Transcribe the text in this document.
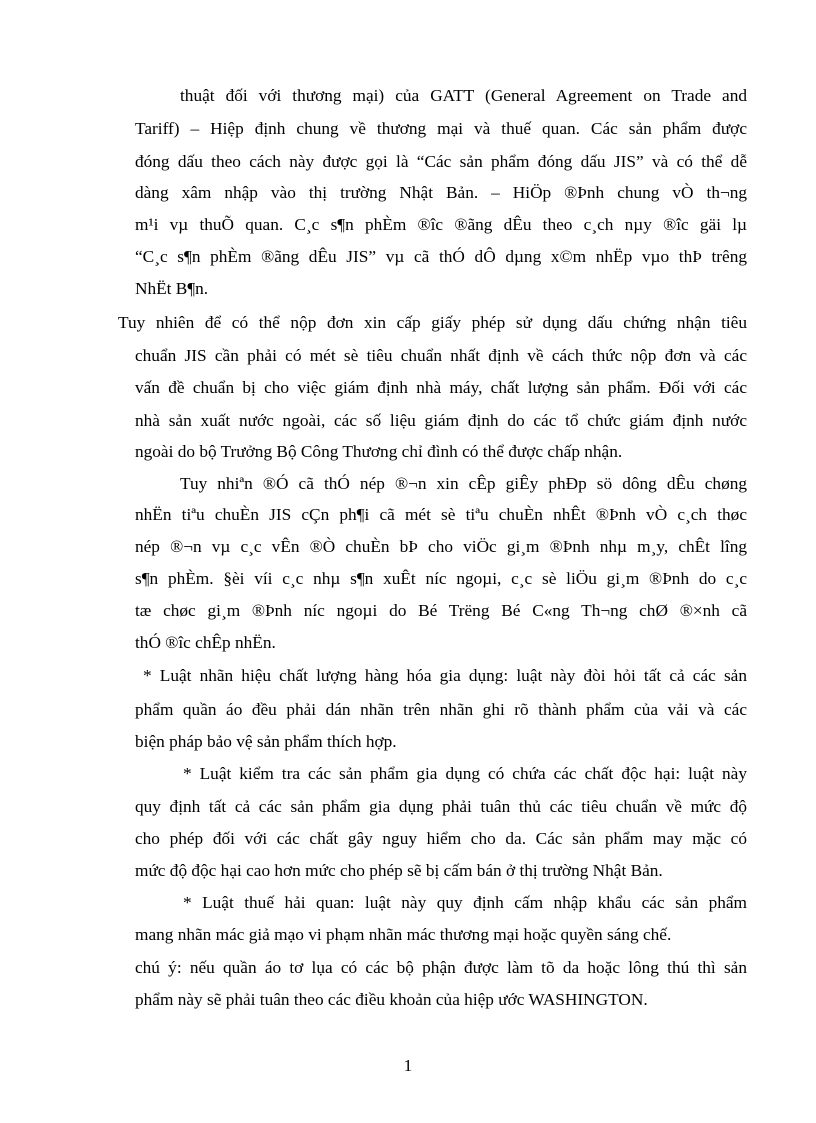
thuật đối với thương mại) của GATT (General Agreement on Trade and
Tariff) – Hiệp định chung về thương mại và thuế quan. Các sản phẩm được
đóng dấu theo cách này được gọi là “Các sản phẩm đóng dấu JIS” và có thể dễ
dàng xâm nhập vào thị trường Nhật Bản. – HiÖp ®Þnh chung vÒ th¬ng
m¹i vµ thuÕ quan. C¸c s¶n phÈm ®îc ®ãng dÊu theo c¸ch nµy ®îc gäi lµ
“C¸c s¶n phÈm ®ãng dÊu JIS” vµ cã thÓ dÔ dµng x©m nhËp vµo thÞ trêng
NhËt B¶n.
Tuy nhiên để có thể nộp đơn xin cấp giấy phép sử dụng dấu chứng nhận tiêu
chuẩn JIS cần phải có mét sè tiêu chuẩn nhất định về cách thức nộp đơn và các
vấn đề chuẩn bị cho việc giám định nhà máy, chất lượng sản phẩm. Đối với các
nhà sản xuất nước ngoài, các số liệu giám định do các tổ chức giám định nước
ngoài do bộ Trưởng Bộ Công Thương chỉ đình có thể được chấp nhận.
Tuy nhiªn ®Ó cã thÓ nép ®¬n xin cÊp giÊy phÐp sö dông dÊu chøng
nhËn tiªu chuÈn JIS cÇn ph¶i cã mét sè tiªu chuÈn nhÊt ®Þnh vÒ c¸ch thøc
nép ®¬n vµ c¸c vÊn ®Ò chuÈn bÞ cho viÖc gi¸m ®Þnh nhµ m¸y, chÊt lîng
s¶n phÈm. §èi víi c¸c nhµ s¶n xuÊt níc ngoµi, c¸c sè liÖu gi¸m ®Þnh do c¸c
tæ chøc gi¸m ®Þnh níc ngoµi do Bé Trëng Bé C«ng Th¬ng chØ ®×nh cã
thÓ ®îc chÊp nhËn.
* Luật nhãn hiệu chất lượng hàng hóa gia dụng: luật này đòi hỏi tất cả các sản
phẩm quần áo đều phải dán nhãn trên nhãn ghi rõ thành phẩm của vải và các
biện pháp bảo vệ sản phẩm thích hợp.
* Luật kiểm tra các sản phẩm gia dụng có chứa các chất độc hại: luật này
quy định tất cả các sản phẩm gia dụng phải tuân thủ các tiêu chuẩn về mức độ
cho phép đối với các chất gây nguy hiểm cho da. Các sản phẩm may mặc có
mức độ độc hại cao hơn mức cho phép sẽ bị cấm bán ở thị trường Nhật Bản.
* Luật thuế hải quan: luật này quy định cấm nhập khẩu các sản phẩm
mang nhãn mác giả mạo vi phạm nhãn mác thương mại hoặc quyền sáng chế.
chú ý: nếu quần áo tơ lụa có các bộ phận được làm tõ da hoặc lông thú thì sản
phẩm này sẽ phải tuân theo các điều khoản của hiệp ước WASHINGTON.
1
